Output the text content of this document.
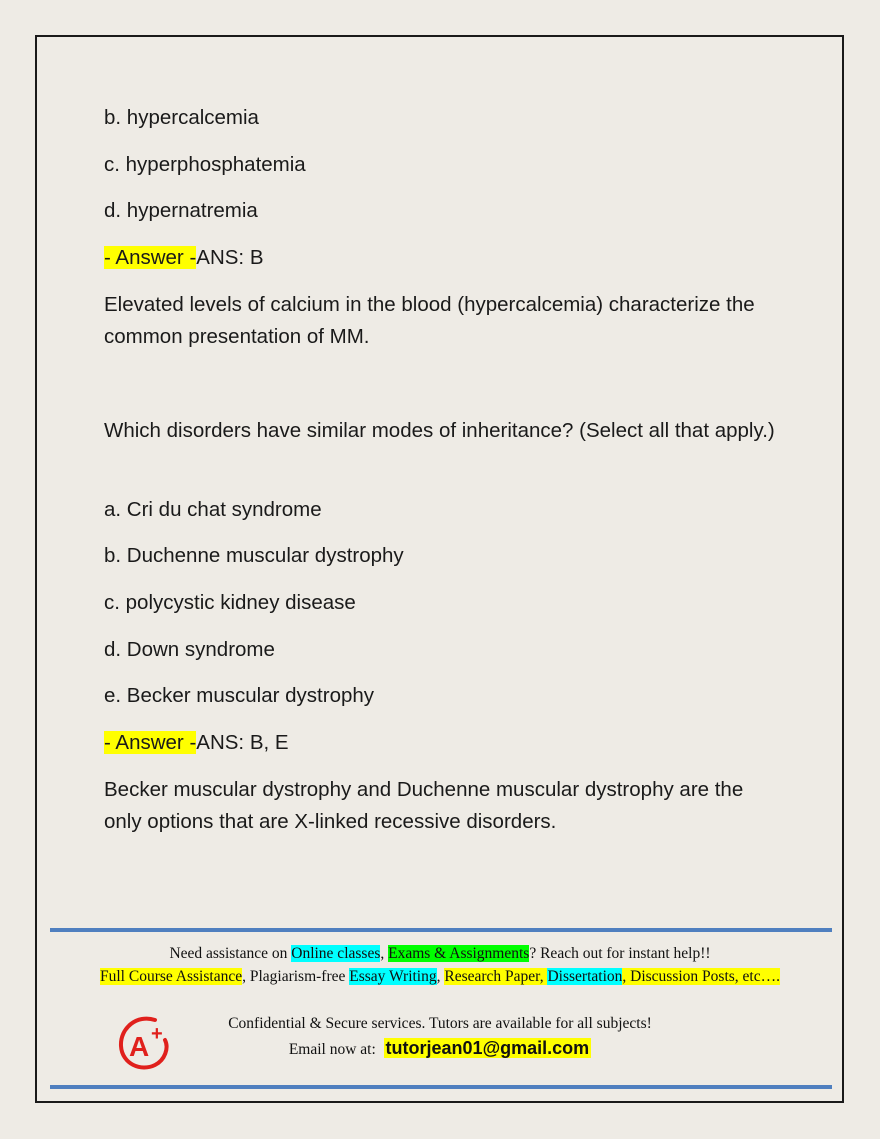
b. hypercalcemia

c. hyperphosphatemia

d. hypernatremia

- Answer -ANS: B

Elevated levels of calcium in the blood (hypercalcemia) characterize the common presentation of MM.

Which disorders have similar modes of inheritance? (Select all that apply.)

a. Cri du chat syndrome

b. Duchenne muscular dystrophy

c. polycystic kidney disease

d. Down syndrome

e. Becker muscular dystrophy

- Answer -ANS: B, E

Becker muscular dystrophy and Duchenne muscular dystrophy are the only options that are X-linked recessive disorders.

Need assistance on Online classes, Exams & Assignments? Reach out for instant help!!

Full Course Assistance, Plagiarism-free Essay Writing, Research Paper, Dissertation, Discussion Posts, etc….

A +	Confidential & Secure services. Tutors are available for all subjects!

Email now at: tutorjean01@gmail.com
